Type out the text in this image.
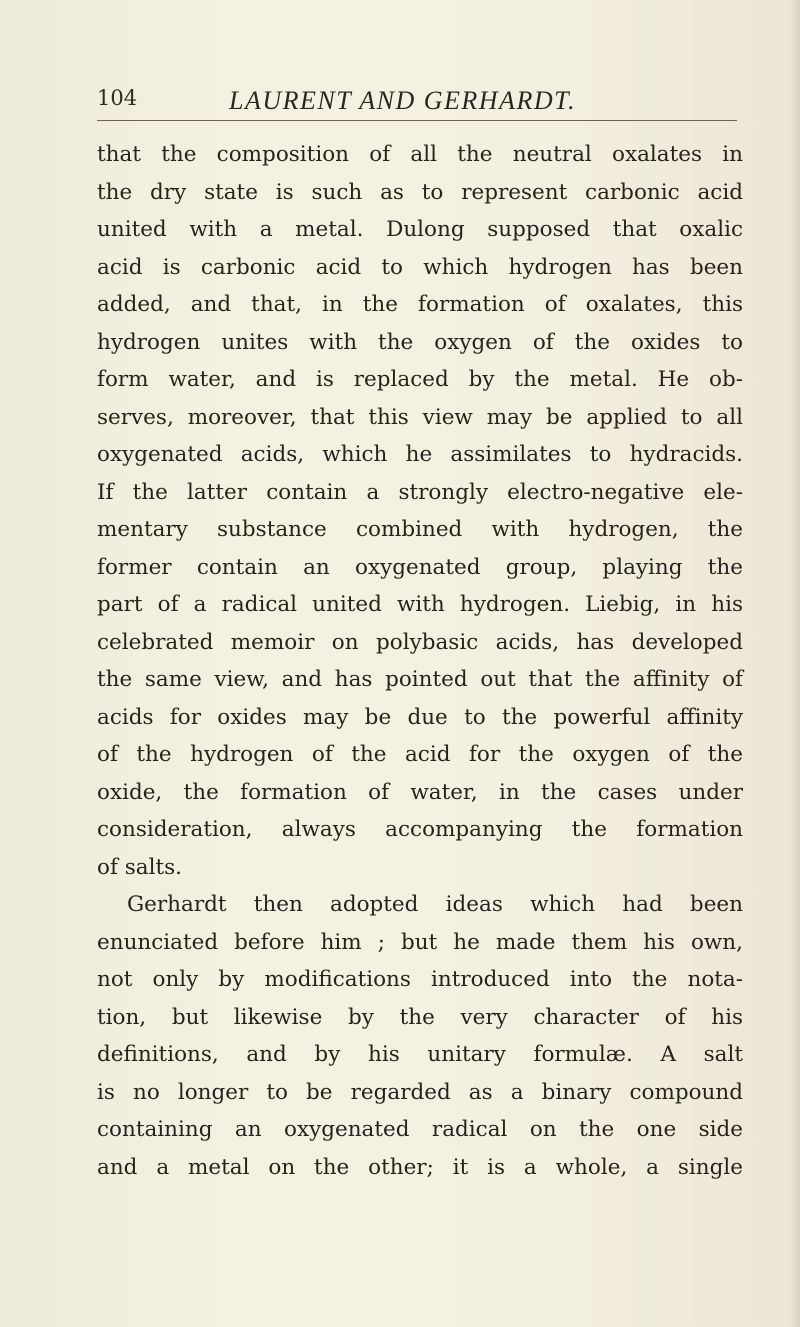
104	LAURENT AND GERHARDT.
that the composition of all the neutral oxalates in
the dry state is such as to represent carbonic acid
united with a metal. Dulong supposed that oxalic
acid is carbonic acid to which hydrogen has been
added, and that, in the formation of oxalates, this
hydrogen unites with the oxygen of the oxides to
form water, and is replaced by the metal. He ob-
serves, moreover, that this view may be applied to all
oxygenated acids, which he assimilates to hydracids.
If the latter contain a strongly electro-negative ele-
mentary substance combined with hydrogen, the
former contain an oxygenated group, playing the
part of a radical united with hydrogen. Liebig, in his
celebrated memoir on polybasic acids, has developed
the same view, and has pointed out that the affinity of
acids for oxides may be due to the powerful affinity
of the hydrogen of the acid for the oxygen of the
oxide, the formation of water, in the cases under
consideration, always accompanying the formation
of salts.
Gerhardt then adopted ideas which had been
enunciated before him ; but he made them his own,
not only by modifications introduced into the nota-
tion, but likewise by the very character of his
definitions, and by his unitary formulæ. A salt
is no longer to be regarded as a binary compound
containing an oxygenated radical on the one side
and a metal on the other; it is a whole, a single
